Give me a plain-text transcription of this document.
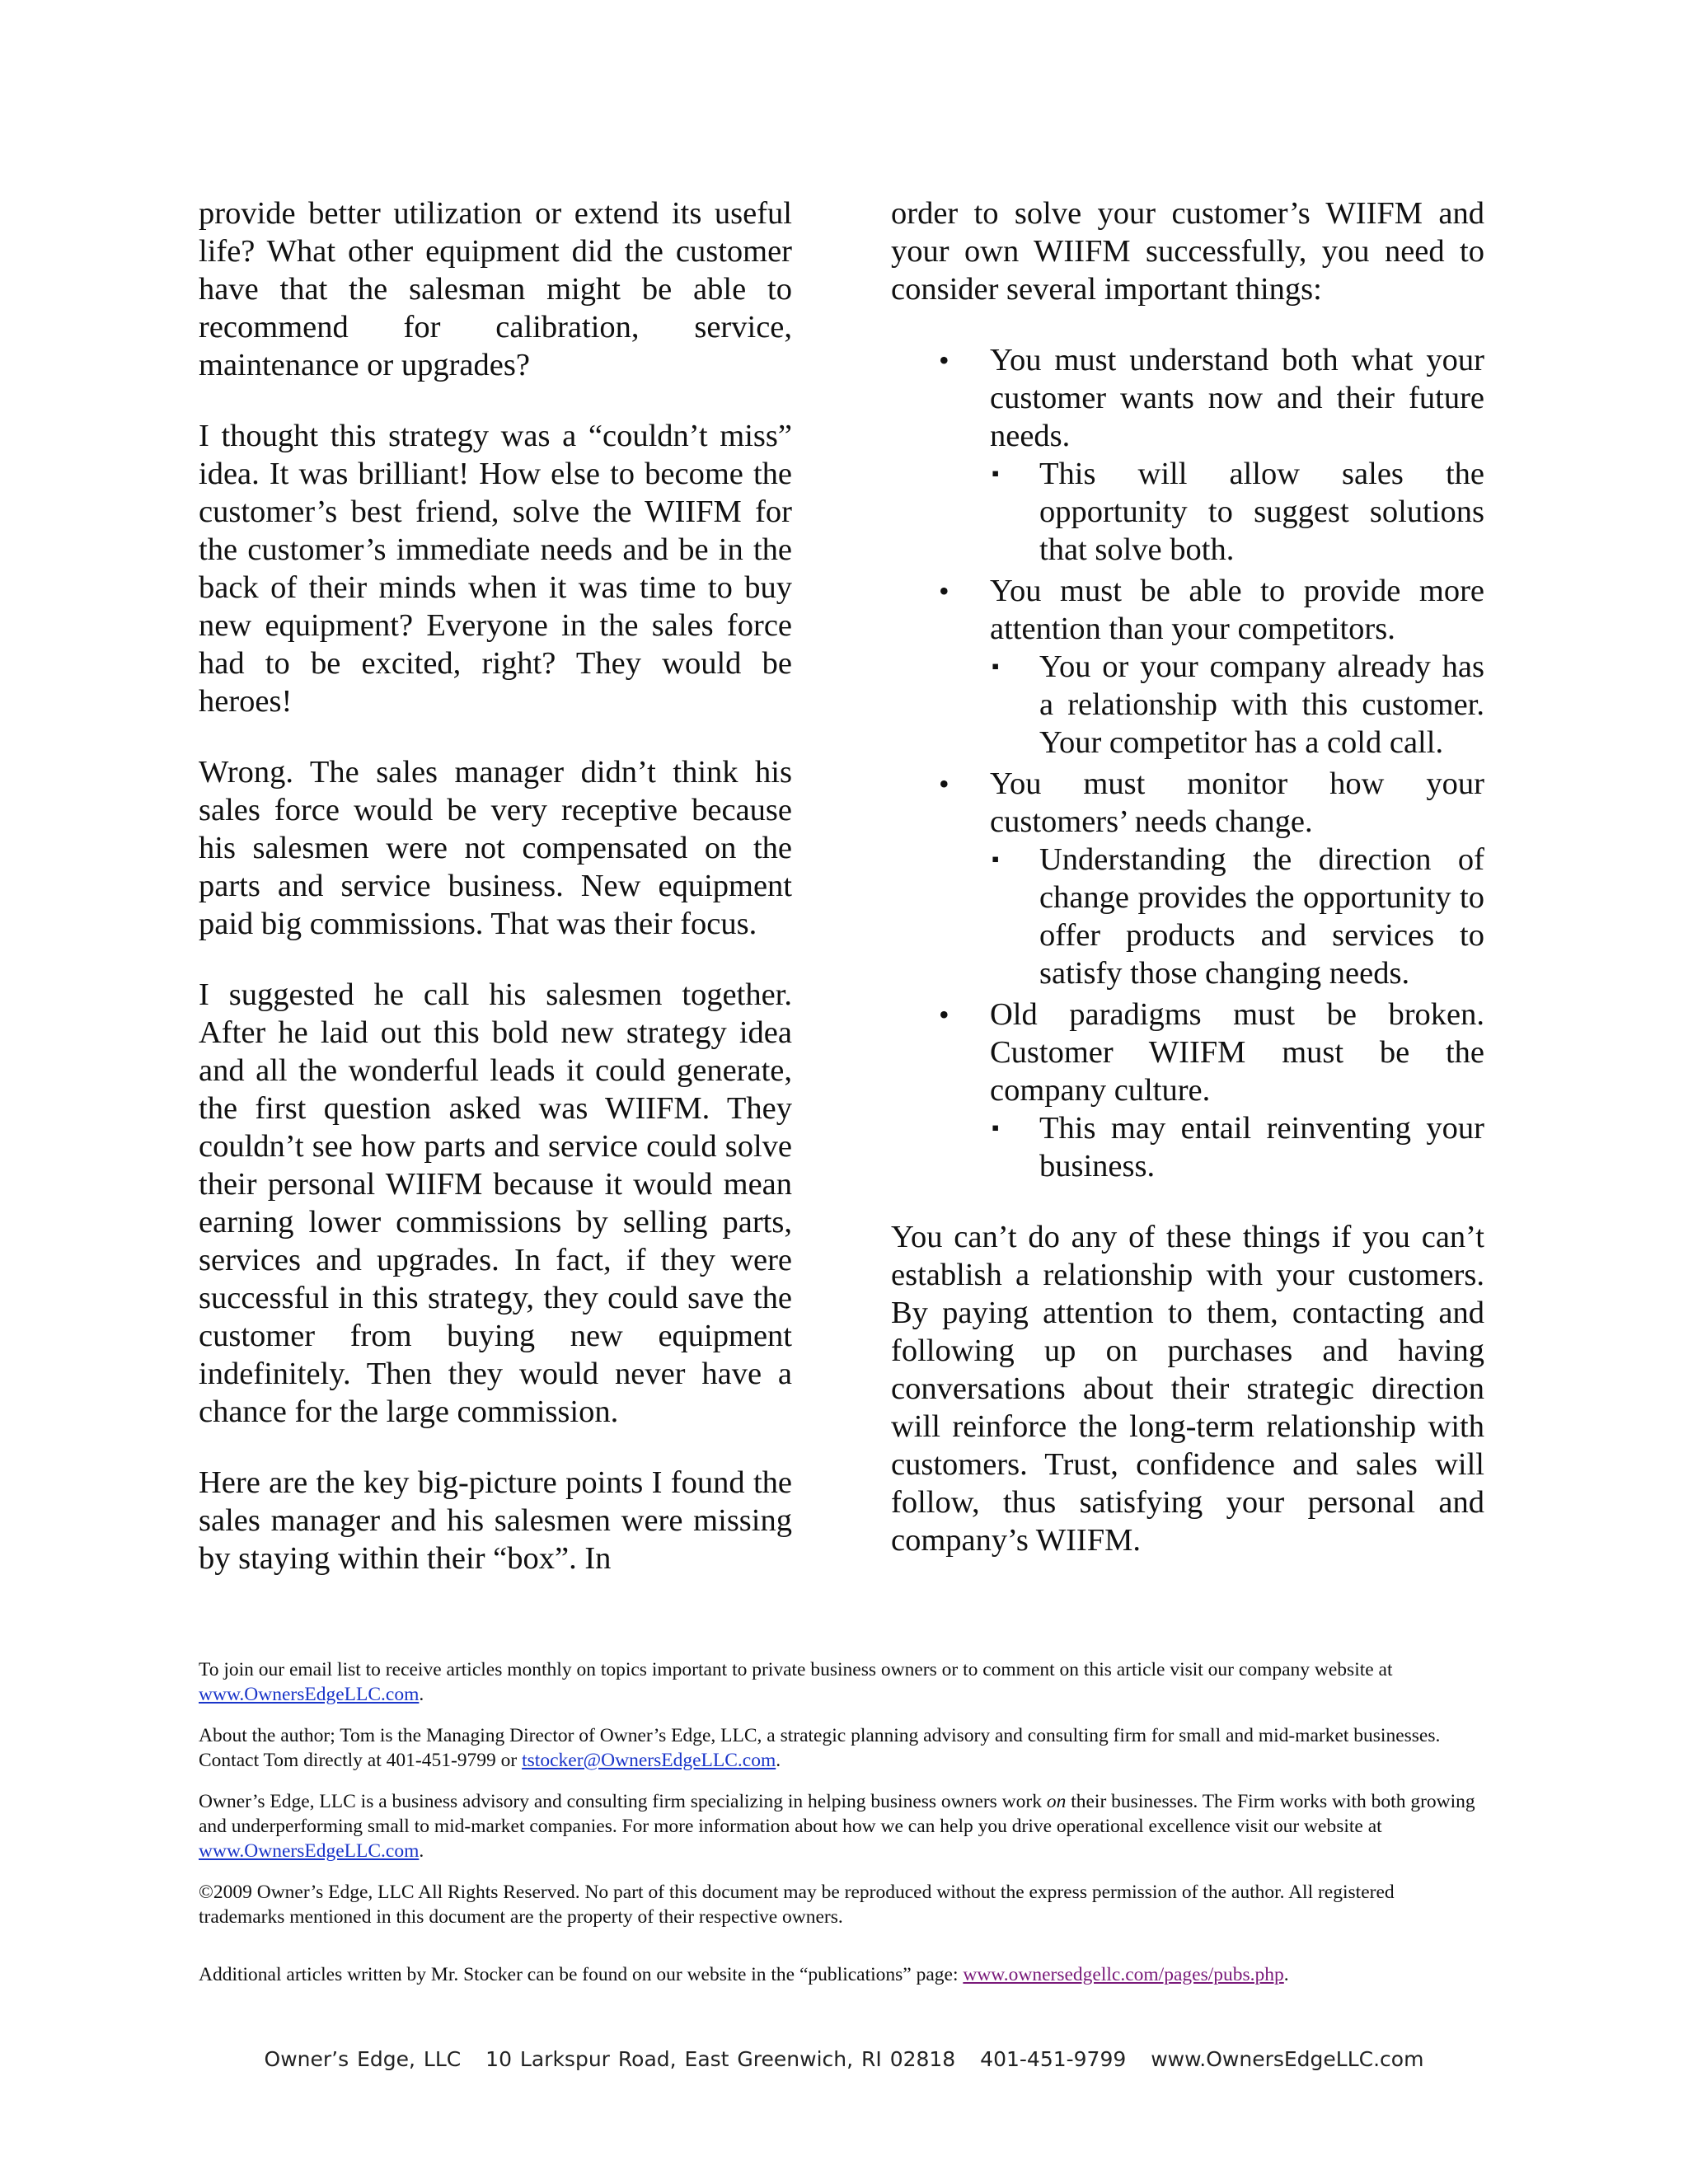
provide better utilization or extend its useful life? What other equipment did the customer have that the salesman might be able to recommend for calibration, service, maintenance or upgrades?

I thought this strategy was a “couldn’t miss” idea. It was brilliant! How else to become the customer’s best friend, solve the WIIFM for the customer’s immediate needs and be in the back of their minds when it was time to buy new equipment? Everyone in the sales force had to be excited, right? They would be heroes!

Wrong. The sales manager didn’t think his sales force would be very receptive because his salesmen were not compensated on the parts and service business. New equipment paid big commissions. That was their focus.

I suggested he call his salesmen together. After he laid out this bold new strategy idea and all the wonderful leads it could generate, the first question asked was WIIFM. They couldn’t see how parts and service could solve their personal WIIFM because it would mean earning lower commissions by selling parts, services and upgrades. In fact, if they were successful in this strategy, they could save the customer from buying new equipment indefinitely. Then they would never have a chance for the large commission.

Here are the key big-picture points I found the sales manager and his salesmen were missing by staying within their “box”. In

order to solve your customer’s WIIFM and your own WIIFM successfully, you need to consider several important things:

• You must understand both what your customer wants now and their future needs.
▪ This will allow sales the opportunity to suggest solutions that solve both.
• You must be able to provide more attention than your competitors.
▪ You or your company already has a relationship with this customer. Your competitor has a cold call.
• You must monitor how your customers’ needs change.
▪ Understanding the direction of change provides the opportunity to offer products and services to satisfy those changing needs.
• Old paradigms must be broken. Customer WIIFM must be the company culture.
▪ This may entail reinventing your business.

You can’t do any of these things if you can’t establish a relationship with your customers. By paying attention to them, contacting and following up on purchases and having conversations about their strategic direction will reinforce the long-term relationship with customers. Trust, confidence and sales will follow, thus satisfying your personal and company’s WIIFM.

To join our email list to receive articles monthly on topics important to private business owners or to comment on this article visit our company website at www.OwnersEdgeLLC.com.

About the author; Tom is the Managing Director of Owner’s Edge, LLC, a strategic planning advisory and consulting firm for small and mid-market businesses. Contact Tom directly at 401-451-9799 or tstocker@OwnersEdgeLLC.com.

Owner’s Edge, LLC is a business advisory and consulting firm specializing in helping business owners work on their businesses. The Firm works with both growing and underperforming small to mid-market companies. For more information about how we can help you drive operational excellence visit our website at www.OwnersEdgeLLC.com.

©2009 Owner’s Edge, LLC All Rights Reserved. No part of this document may be reproduced without the express permission of the author. All registered trademarks mentioned in this document are the property of their respective owners.

Additional articles written by Mr. Stocker can be found on our website in the “publications” page: www.ownersedgellc.com/pages/pubs.php.

Owner’s Edge, LLC 10 Larkspur Road, East Greenwich, RI 02818 401-451-9799 www.OwnersEdgeLLC.com
